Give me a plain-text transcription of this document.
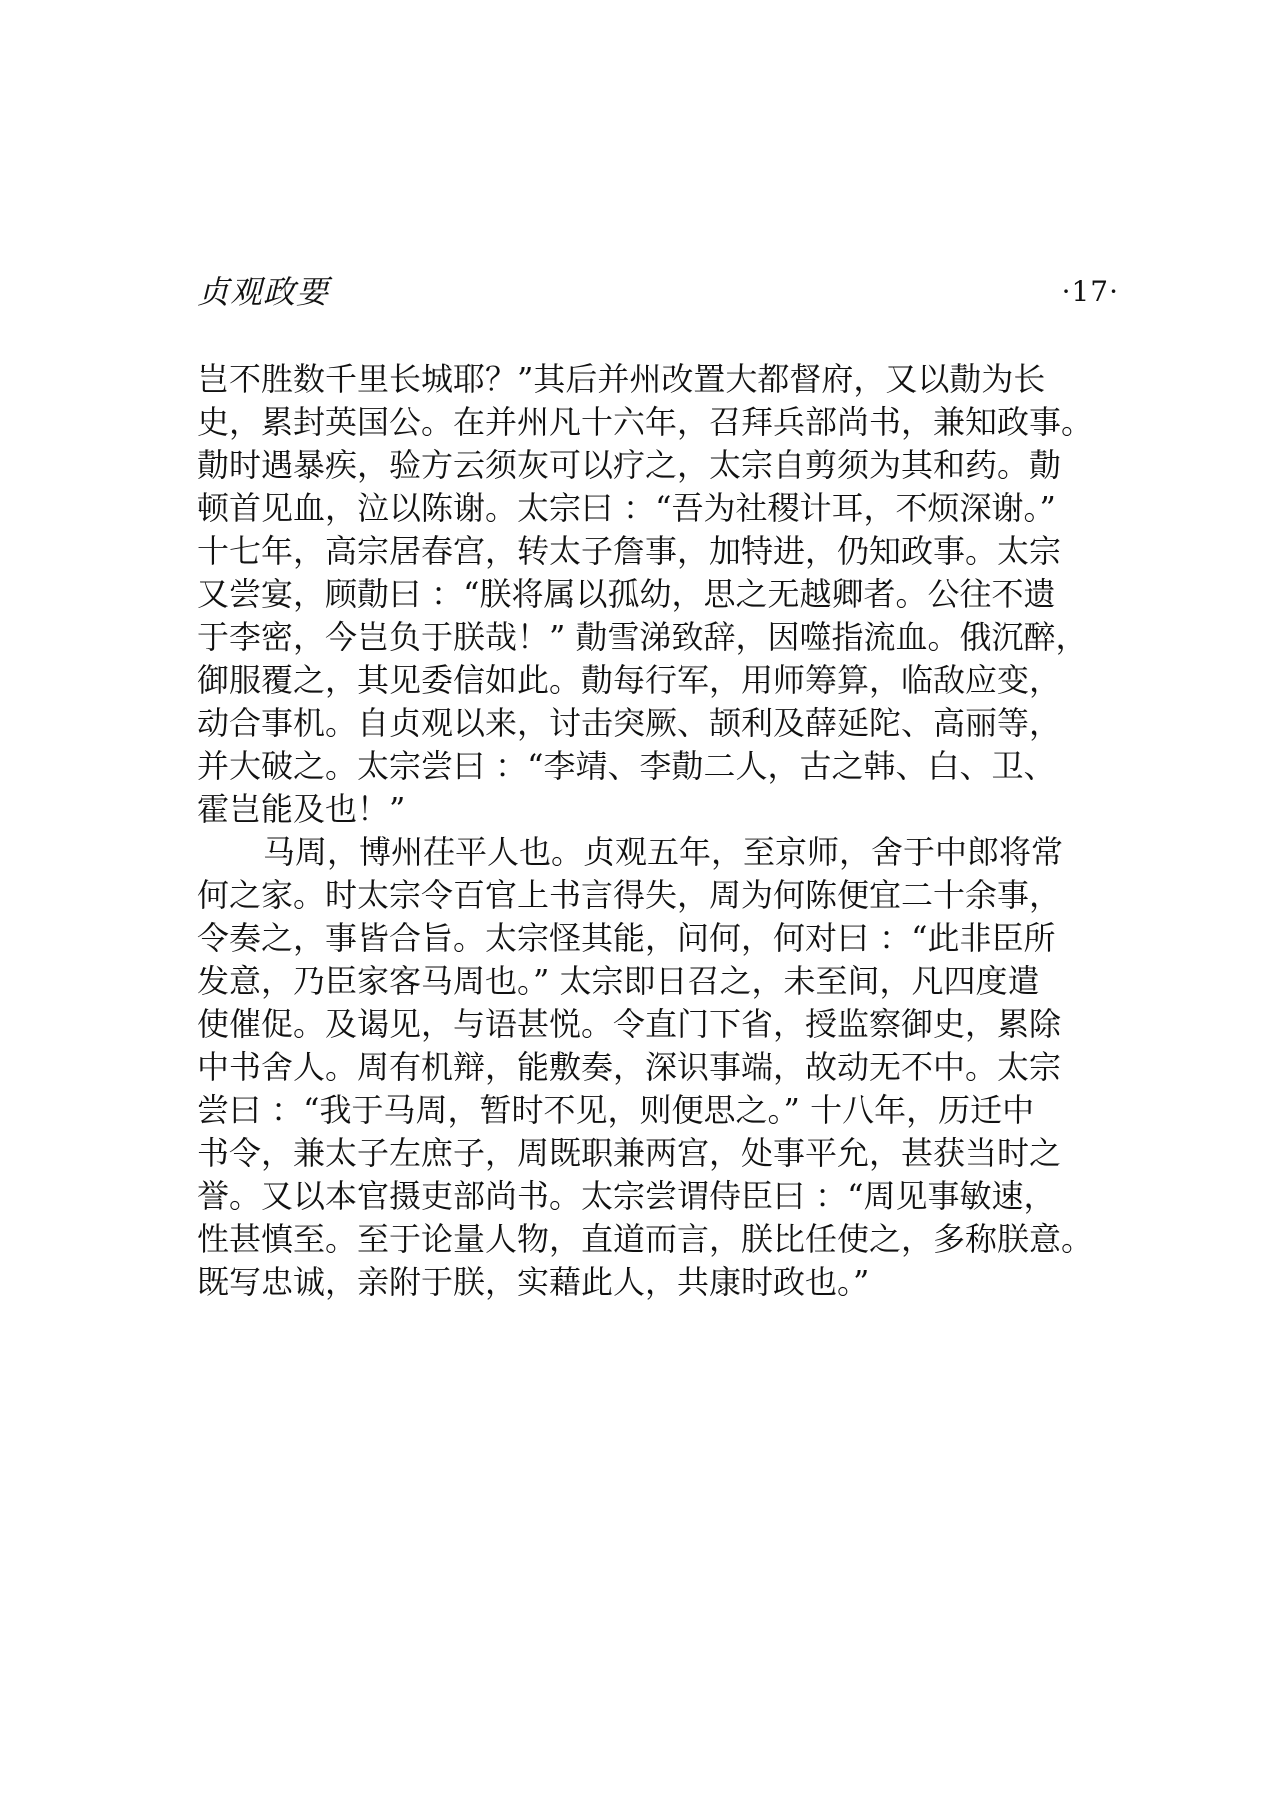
贞观政要	·17·
岂不胜数千里长城耶？”其后并州改置大都督府，又以勣为长
史，累封英国公。在并州凡十六年，召拜兵部尚书，兼知政事。
勣时遇暴疾，验方云须灰可以疗之，太宗自剪须为其和药。勣
顿首见血，泣以陈谢。太宗曰 ：“吾为社稷计耳，不烦深谢。”
十七年，高宗居春宫，转太子詹事，加特进，仍知政事。太宗
又尝宴，顾勣曰 ：“朕将属以孤幼，思之无越卿者。公往不遗
于李密，今岂负于朕哉！” 勣雪涕致辞，因噬指流血。俄沉醉，
御服覆之，其见委信如此。勣每行军，用师筹算，临敌应变，
动合事机。自贞观以来，讨击突厥、颉利及薛延陀、高丽等，
并大破之。太宗尝曰 ：“李靖、李勣二人，古之韩、白、卫、
霍岂能及也！”
马周，博州茌平人也。贞观五年，至京师，舍于中郎将常
何之家。时太宗令百官上书言得失，周为何陈便宜二十余事，
令奏之，事皆合旨。太宗怪其能，问何，何对曰 ：“此非臣所
发意，乃臣家客马周也。” 太宗即日召之，未至间，凡四度遣
使催促。及谒见，与语甚悦。令直门下省，授监察御史，累除
中书舍人。周有机辩，能敷奏，深识事端，故动无不中。太宗
尝曰 ：“我于马周，暂时不见，则便思之。” 十八年，历迁中
书令，兼太子左庶子，周既职兼两宫，处事平允，甚获当时之
誉。又以本官摄吏部尚书。太宗尝谓侍臣曰 ：“周见事敏速，
性甚慎至。至于论量人物，直道而言，朕比任使之，多称朕意。
既写忠诚，亲附于朕，实藉此人，共康时政也。”
